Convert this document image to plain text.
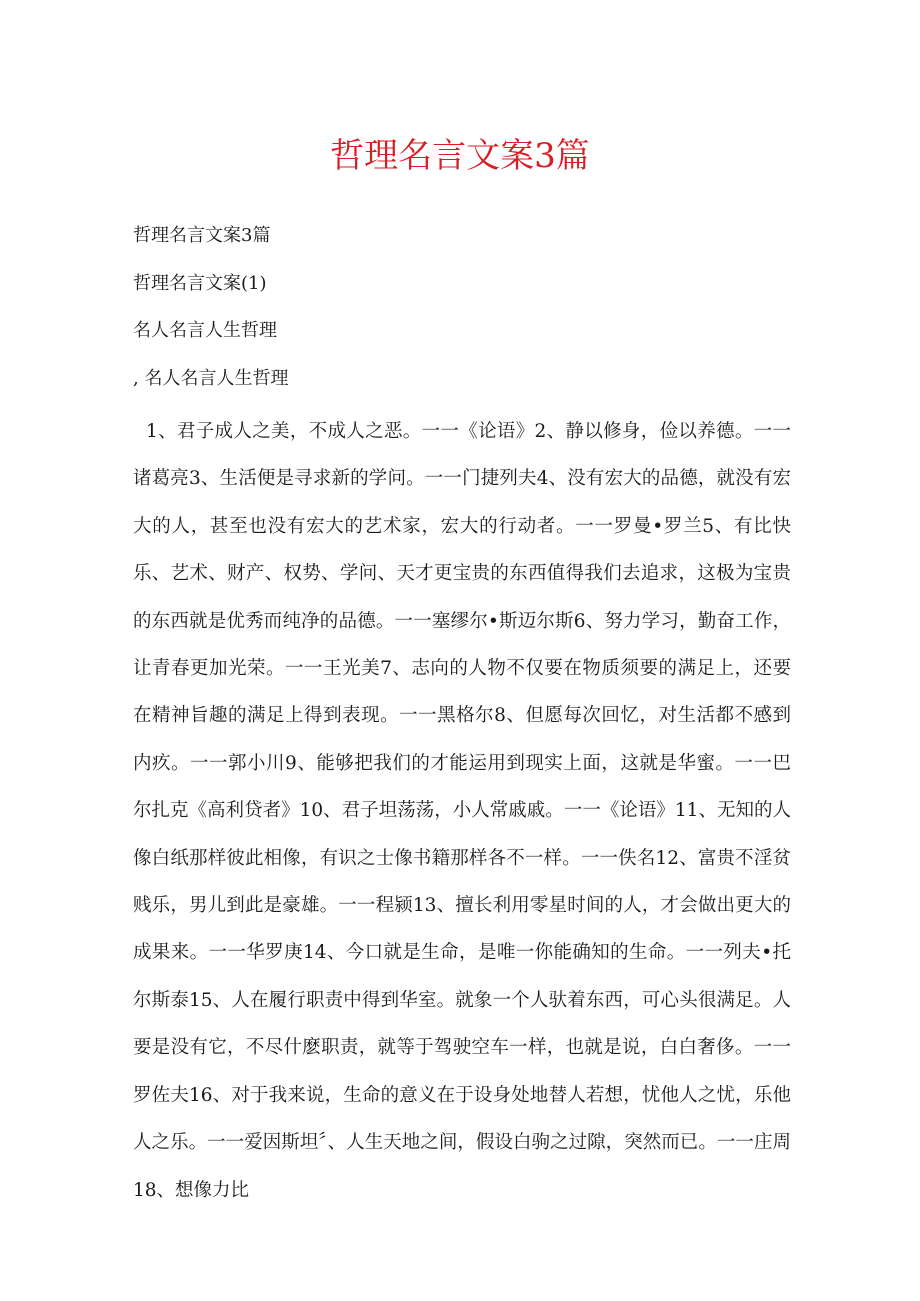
哲理名言文案3篇
哲理名言文案3篇
哲理名言文案(1)
名人名言人生哲理
, 名人名言人生哲理
1、君子成人之美，不成人之恶。一一《论语》2、静以修身，俭以养德。一一诸葛亮3、生活便是寻求新的学问。一一门捷列夫4、没有宏大的品德，就没有宏大的人，甚至也没有宏大的艺术家，宏大的行动者。一一罗曼•罗兰5、有比快乐、艺术、财产、权势、学问、天才更宝贵的东西值得我们去追求，这极为宝贵的东西就是优秀而纯净的品德。一一塞缪尔•斯迈尔斯6、努力学习，勤奋工作，让青春更加光荣。一一王光美7、志向的人物不仅要在物质须要的满足上，还要在精神旨趣的满足上得到表现。一一黑格尔8、但愿每次回忆，对生活都不感到内疚。一一郭小川9、能够把我们的才能运用到现实上面，这就是华蜜。一一巴尔扎克《高利贷者》10、君子坦荡荡，小人常戚戚。一一《论语》11、无知的人像白纸那样彼此相像，有识之士像书籍那样各不一样。一一佚名12、富贵不淫贫贱乐，男儿到此是豪雄。一一程颍13、擅长利用零星时间的人，才会做出更大的成果来。一一华罗庚14、今口就是生命，是唯一你能确知的生命。一一列夫•托尔斯泰15、人在履行职责中得到华室。就象一个人驮着东西，可心头很满足。人要是没有它，不尽什麽职责，就等于驾驶空车一样，也就是说，白白奢侈。一一罗佐夫16、对于我来说，生命的意义在于设身处地替人若想，忧他人之忧，乐他人之乐。一一爱因斯坦〞、人生天地之间，假设白驹之过隙，突然而已。一一庄周18、想像力比
